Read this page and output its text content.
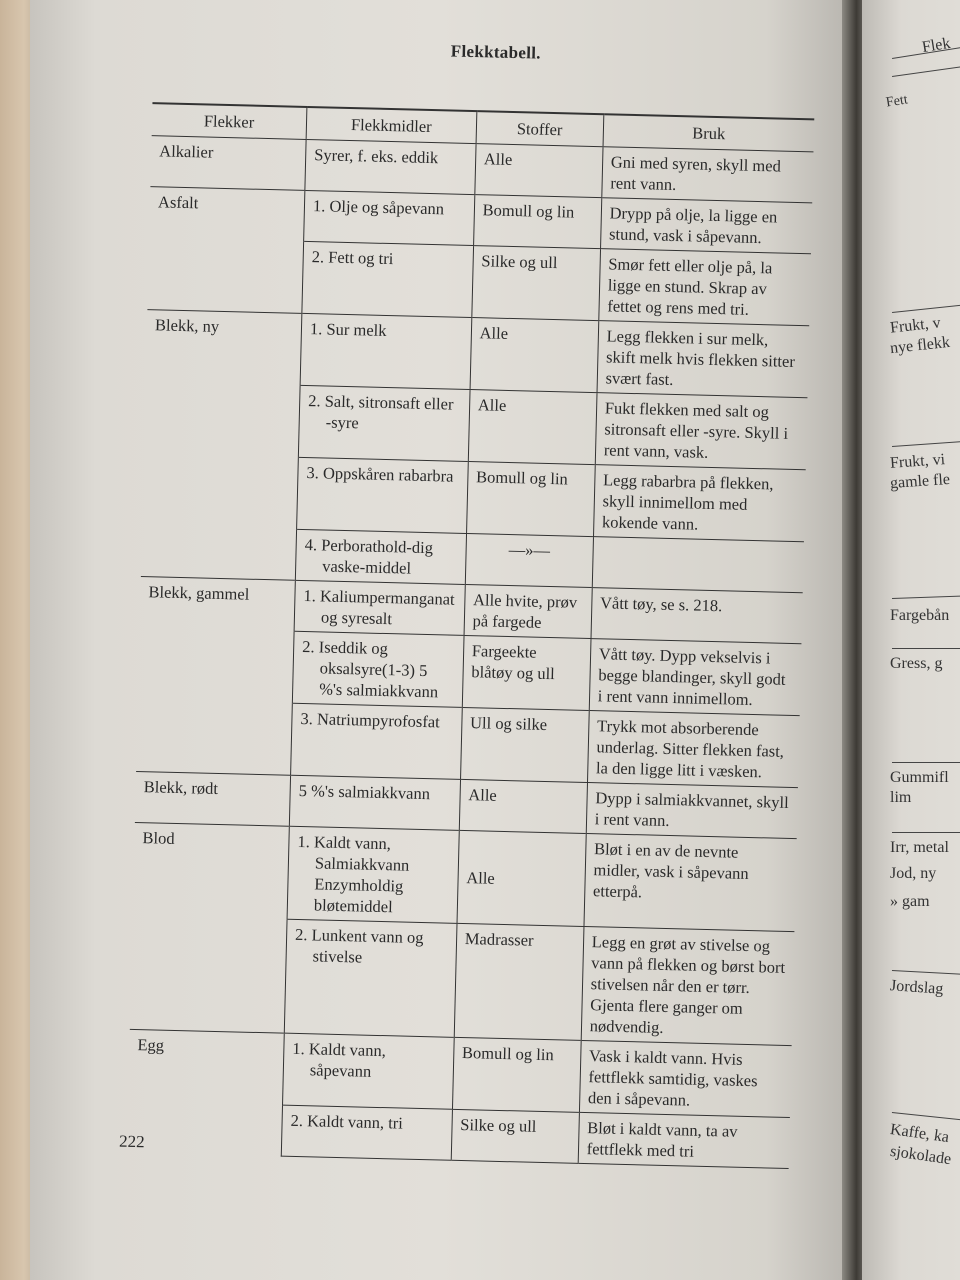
Flekktabell.
Flekker	Flekkmidler	Stoffer	Bruk
Alkalier	Syrer, f. eks. eddik	Alle	Gni med syren, skyll med rent vann.
Asfalt	1. Olje og såpevann	Bomull og lin	Drypp på olje, la ligge en stund, vask i såpevann.

	2. Fett og tri	Silke og ull	Smør fett eller olje på, la ligge en stund. Skrap av fettet og rens med tri.
Blekk, ny	1. Sur melk	Alle	Legg flekken i sur melk, skift melk hvis flekken sitter svært fast.

	2. Salt, sitronsaft eller -syre	Alle	Fukt flekken med salt og sitronsaft eller -syre. Skyll i rent vann, vask.

	3. Oppskåren rabarbra	Bomull og lin	Legg rabarbra på flekken, skyll innimellom med kokende vann.

	4. Perborathold-dig vaske-middel	—»—	
Blekk, gammel	1. Kaliumpermanganat og syresalt	Alle hvite, prøv på fargede	Vått tøy, se s. 218.

	2. Iseddik og oksalsyre(1-3) 5 %'s salmiakkvann	Fargeekte blåtøy og ull	Vått tøy. Dypp vekselvis i begge blandinger, skyll godt i rent vann innimellom.

	3. Natriumpyrofosfat	Ull og silke	Trykk mot absorberende underlag. Sitter flekken fast, la den ligge litt i væsken.
Blekk, rødt	5 %'s salmiakkvann	Alle	Dypp i salmiakkvannet, skyll i rent vann.
Blod	1. Kaldt vann, Salmiakkvann Enzymholdig bløtemiddel	Alle	Bløt i en av de nevnte midler, vask i såpevann etterpå.

	2. Lunkent vann og stivelse	Madrasser	Legg en grøt av stivelse og vann på flekken og børst bort stivelsen når den er tørr. Gjenta flere ganger om nødvendig.
Egg	1. Kaldt vann, såpevann	Bomull og lin	Vask i kaldt vann. Hvis fettflekk samtidig, vaskes den i såpevann.

	2. Kaldt vann, tri	Silke og ull	Bløt i kaldt vann, ta av fettflekk med tri
222
Flek
Fett
Frukt, v
nye flekk
Frukt, vi
gamle fle
Fargebån
Gress, g
Gummifl
lim
Irr, metal
Jod, ny
» gam
Jordslag
Kaffe, ka
sjokolade
